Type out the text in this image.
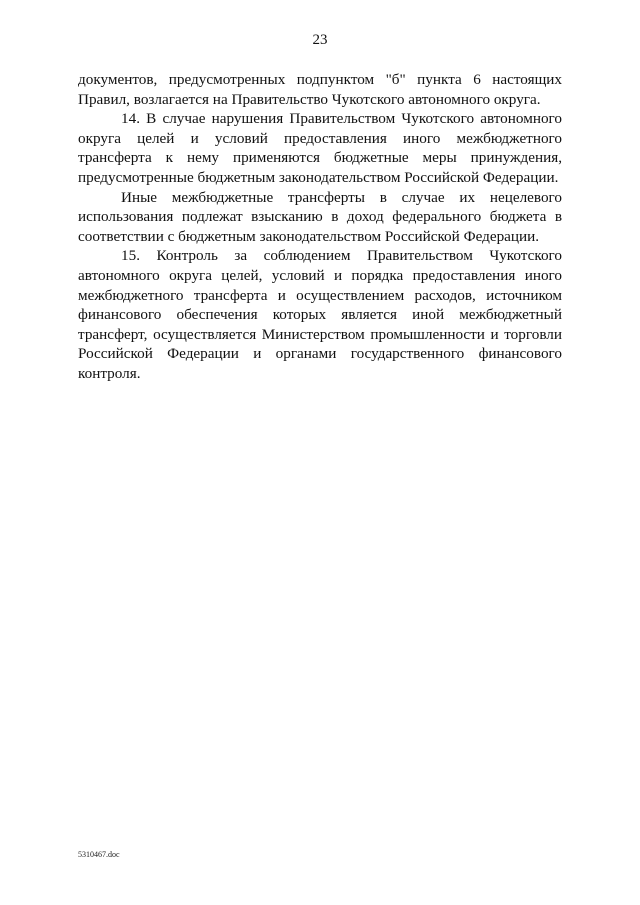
23

документов, предусмотренных подпунктом "б" пункта 6 настоящих Правил, возлагается на Правительство Чукотского автономного округа.

14. В случае нарушения Правительством Чукотского автономного округа целей и условий предоставления иного межбюджетного трансферта к нему применяются бюджетные меры принуждения, предусмотренные бюджетным законодательством Российской Федерации.

Иные межбюджетные трансферты в случае их нецелевого использования подлежат взысканию в доход федерального бюджета в соответствии с бюджетным законодательством Российской Федерации.

15. Контроль за соблюдением Правительством Чукотского автономного округа целей, условий и порядка предоставления иного межбюджетного трансферта и осуществлением расходов, источником финансового обеспечения которых является иной межбюджетный трансферт, осуществляется Министерством промышленности и торговли Российской Федерации и органами государственного финансового контроля.

5310467.doc
